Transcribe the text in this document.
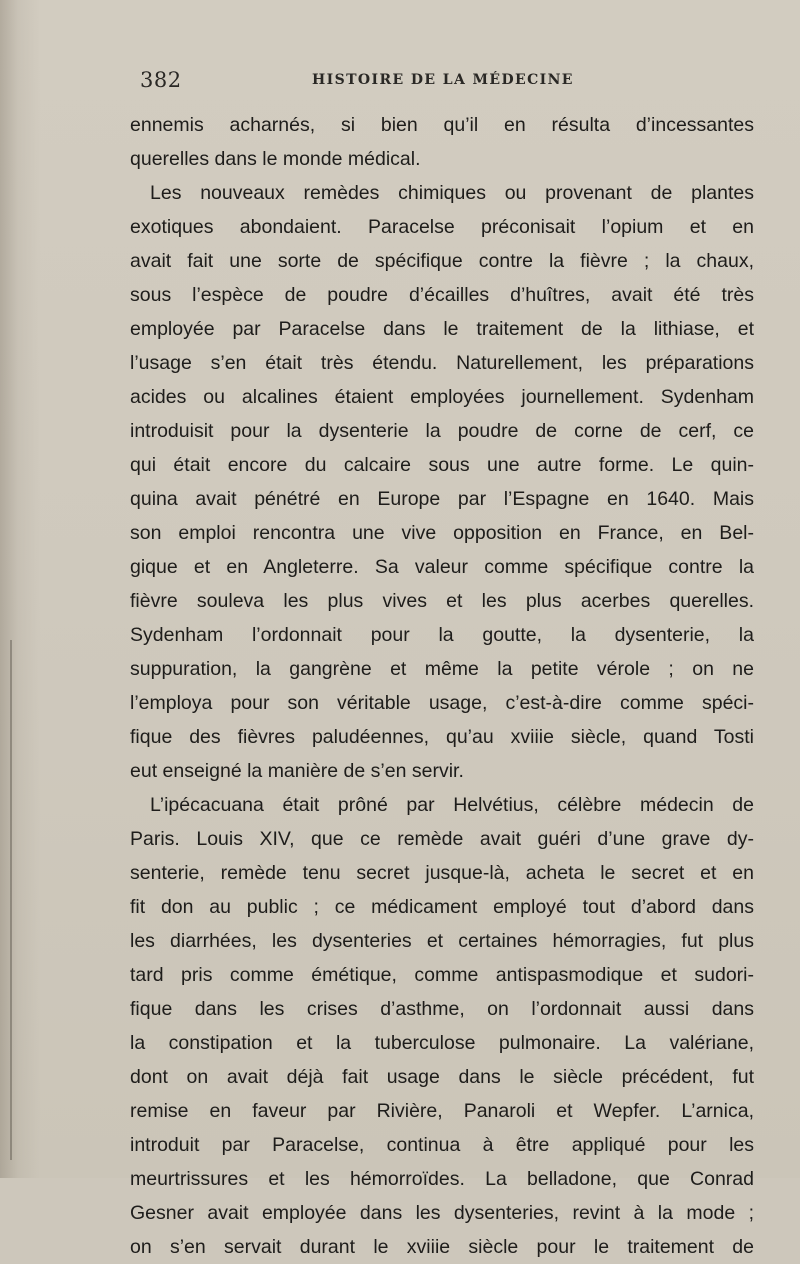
382	HISTOIRE DE LA MÉDECINE
ennemis acharnés, si bien qu’il en résulta d’incessantes
querelles dans le monde médical.
Les nouveaux remèdes chimiques ou provenant de plantes
exotiques abondaient. Paracelse préconisait l’opium et en
avait fait une sorte de spécifique contre la fièvre ; la chaux,
sous l’espèce de poudre d’écailles d’huîtres, avait été très
employée par Paracelse dans le traitement de la lithiase, et
l’usage s’en était très étendu. Naturellement, les préparations
acides ou alcalines étaient employées journellement. Sydenham
introduisit pour la dysenterie la poudre de corne de cerf, ce
qui était encore du calcaire sous une autre forme. Le quin-
quina avait pénétré en Europe par l’Espagne en 1640. Mais
son emploi rencontra une vive opposition en France, en Bel-
gique et en Angleterre. Sa valeur comme spécifique contre la
fièvre souleva les plus vives et les plus acerbes querelles.
Sydenham l’ordonnait pour la goutte, la dysenterie, la
suppuration, la gangrène et même la petite vérole ; on ne
l’employa pour son véritable usage, c’est-à-dire comme spéci-
fique des fièvres paludéennes, qu’au xviiie siècle, quand Tosti
eut enseigné la manière de s’en servir.
L’ipécacuana était prôné par Helvétius, célèbre médecin de
Paris. Louis XIV, que ce remède avait guéri d’une grave dy-
senterie, remède tenu secret jusque-là, acheta le secret et en
fit don au public ; ce médicament employé tout d’abord dans
les diarrhées, les dysenteries et certaines hémorragies, fut plus
tard pris comme émétique, comme antispasmodique et sudori-
fique dans les crises d’asthme, on l’ordonnait aussi dans
la constipation et la tuberculose pulmonaire. La valériane,
dont on avait déjà fait usage dans le siècle précédent, fut
remise en faveur par Rivière, Panaroli et Wepfer. L’arnica,
introduit par Paracelse, continua à être appliqué pour les
meurtrissures et les hémorroïdes. La belladone, que Conrad
Gesner avait employée dans les dysenteries, revint à la mode ;
on s’en servait durant le xviiie siècle pour le traitement de
